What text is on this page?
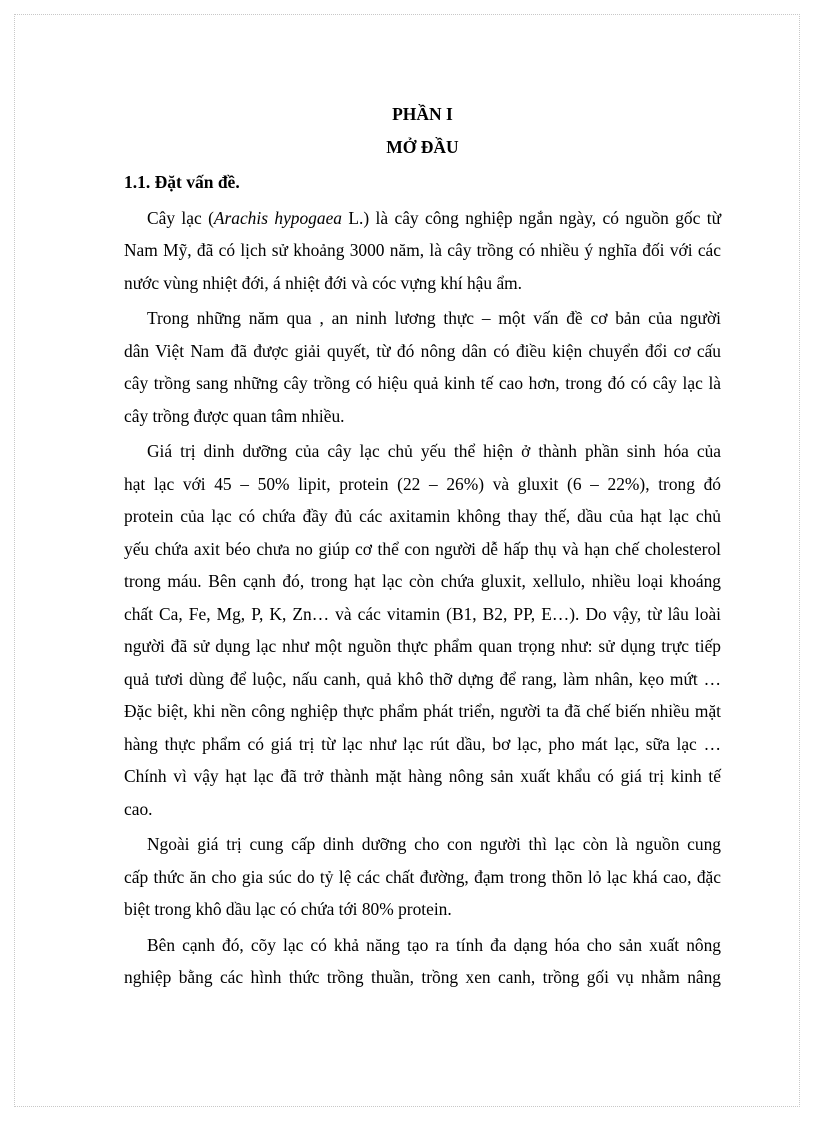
PHẦN I
MỞ ĐẦU
1.1. Đặt vấn đề.

Cây lạc (Arachis hypogaea L.) là cây công nghiệp ngắn ngày, có nguồn gốc từ
Nam Mỹ, đã có lịch sử khoảng 3000 năm, là cây trồng có nhiều ý nghĩa đối với các
nước vùng nhiệt đới, á nhiệt đới và cóc vựng khí hậu ẩm.

Trong những năm qua , an ninh lương thực – một vấn đề cơ bản của người
dân Việt Nam đã được giải quyết, từ đó nông dân có điều kiện chuyển đổi cơ cấu
cây trồng sang những cây trồng có hiệu quả kinh tế cao hơn, trong đó có cây lạc là
cây trồng được quan tâm nhiều.

Giá trị dinh dưỡng của cây lạc chủ yếu thể hiện ở thành phần sinh hóa của
hạt lạc với 45 – 50% lipit, protein (22 – 26%) và gluxit (6 – 22%), trong đó
protein của lạc có chứa đầy đủ các axitamin không thay thế, dầu của hạt lạc chủ
yếu chứa axit béo chưa no giúp cơ thể con người dễ hấp thụ và hạn chế cholesterol
trong máu. Bên cạnh đó, trong hạt lạc còn chứa gluxit, xellulo, nhiều loại khoáng
chất Ca, Fe, Mg, P, K, Zn… và các vitamin (B1, B2, PP, E…). Do vậy, từ lâu loài
người đã sử dụng lạc như một nguồn thực phẩm quan trọng như: sử dụng trực tiếp
quả tươi dùng để luộc, nấu canh, quả khô thỡ dựng để rang, làm nhân, kẹo mứt …
Đặc biệt, khi nền công nghiệp thực phẩm phát triển, người ta đã chế biến nhiều mặt
hàng thực phẩm có giá trị từ lạc như lạc rút dầu, bơ lạc, pho mát lạc, sữa lạc …
Chính vì vậy hạt lạc đã trở thành mặt hàng nông sản xuất khẩu có giá trị kinh tế
cao.

Ngoài giá trị cung cấp dinh dưỡng cho con người thì lạc còn là nguồn cung
cấp thức ăn cho gia súc do tỷ lệ các chất đường, đạm trong thõn lỏ lạc khá cao, đặc
biệt trong khô dầu lạc có chứa tới 80% protein.

Bên cạnh đó, cõy lạc có khả năng tạo ra tính đa dạng hóa cho sản xuất nông
nghiệp bằng các hình thức trồng thuần, trồng xen canh, trồng gối vụ nhằm nâng
